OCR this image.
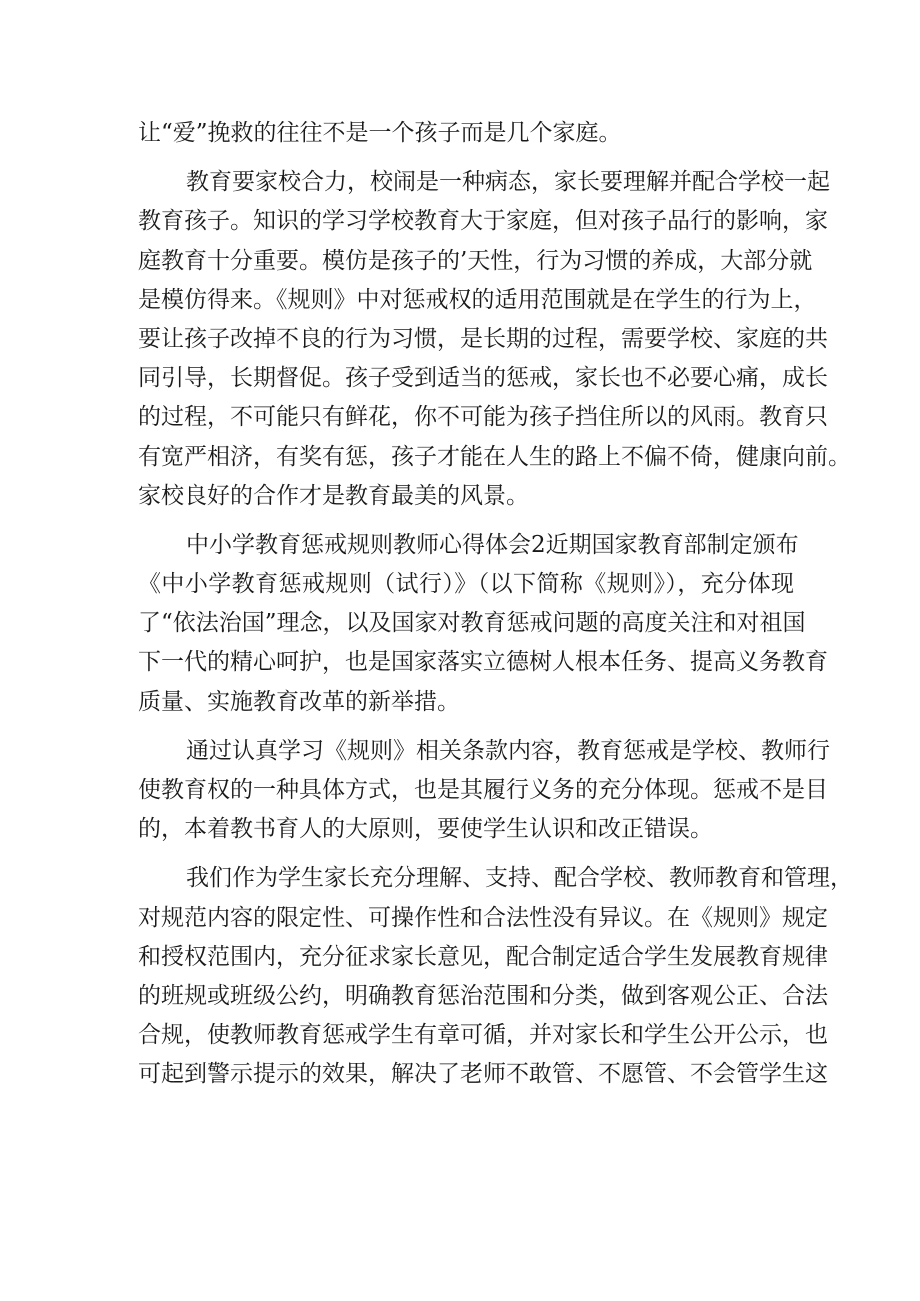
让“爱”挽救的往往不是一个孩子而是几个家庭。
教育要家校合力，校闹是一种病态，家长要理解并配合学校一起
教育孩子。知识的学习学校教育大于家庭，但对孩子品行的影响，家
庭教育十分重要。模仿是孩子的’天性，行为习惯的养成，大部分就
是模仿得来。《规则》中对惩戒权的适用范围就是在学生的行为上，
要让孩子改掉不良的行为习惯，是长期的过程，需要学校、家庭的共
同引导，长期督促。孩子受到适当的惩戒，家长也不必要心痛，成长
的过程，不可能只有鲜花，你不可能为孩子挡住所以的风雨。教育只
有宽严相济，有奖有惩，孩子才能在人生的路上不偏不倚，健康向前。
家校良好的合作才是教育最美的风景。
中小学教育惩戒规则教师心得体会2近期国家教育部制定颁布
《中小学教育惩戒规则（试行）》（以下简称《规则》），充分体现
了“依法治国”理念，以及国家对教育惩戒问题的高度关注和对祖国
下一代的精心呵护，也是国家落实立德树人根本任务、提高义务教育
质量、实施教育改革的新举措。
通过认真学习《规则》相关条款内容，教育惩戒是学校、教师行
使教育权的一种具体方式，也是其履行义务的充分体现。惩戒不是目
的，本着教书育人的大原则，要使学生认识和改正错误。
我们作为学生家长充分理解、支持、配合学校、教师教育和管理，
对规范内容的限定性、可操作性和合法性没有异议。在《规则》规定
和授权范围内，充分征求家长意见，配合制定适合学生发展教育规律
的班规或班级公约，明确教育惩治范围和分类，做到客观公正、合法
合规，使教师教育惩戒学生有章可循，并对家长和学生公开公示，也
可起到警示提示的效果，解决了老师不敢管、不愿管、不会管学生这
